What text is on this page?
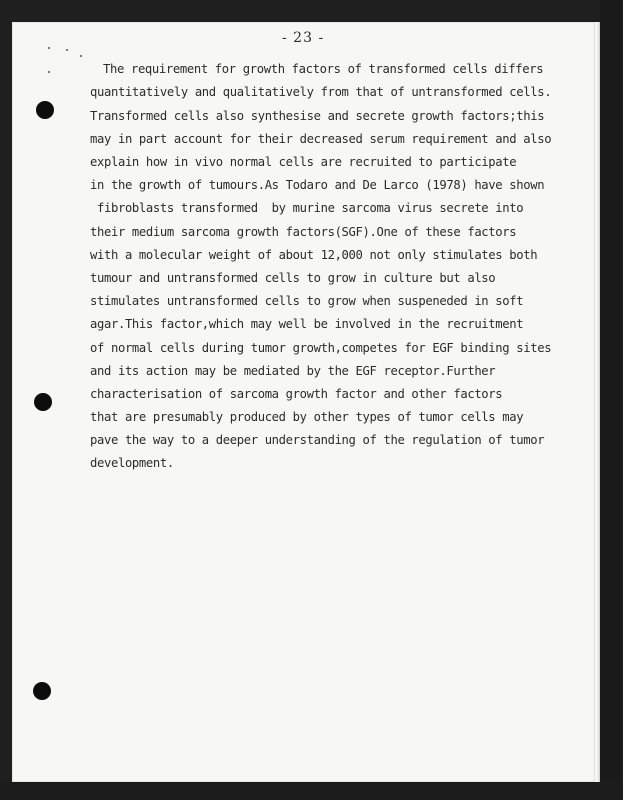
- 23 -
The requirement for growth factors of transformed cells differs
quantitatively and qualitatively from that of untransformed cells.
Transformed cells also synthesise and secrete growth factors;this
may in part account for their decreased serum requirement and also
explain how in vivo normal cells are recruited to participate
in the growth of tumours.As Todaro and De Larco (1978) have shown
fibroblasts transformed  by murine sarcoma virus secrete into
their medium sarcoma growth factors(SGF).One of these factors
with a molecular weight of about 12,000 not only stimulates both
tumour and untransformed cells to grow in culture but also
stimulates untransformed cells to grow when suspeneded in soft
agar.This factor,which may well be involved in the recruitment
of normal cells during tumor growth,competes for EGF binding sites
and its action may be mediated by the EGF receptor.Further
characterisation of sarcoma growth factor and other factors
that are presumably produced by other types of tumor cells may
pave the way to a deeper understanding of the regulation of tumor
development.
